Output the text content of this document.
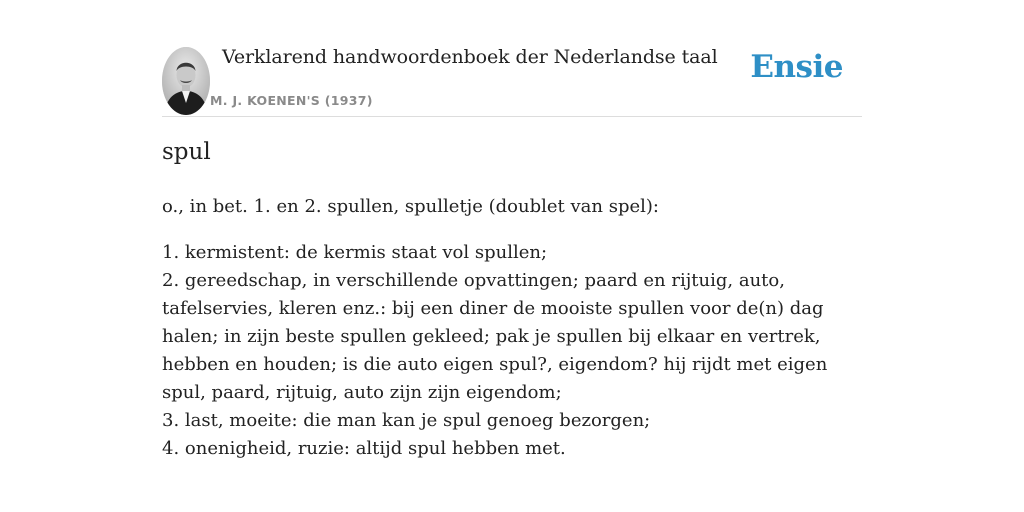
Verklarend handwoordenboek der Nederlandse taal
M. J. KOENEN'S (1937)
Ensie
spul
o., in bet. 1. en 2. spullen, spulletje (doublet van spel):

1. kermistent: de kermis staat vol spullen;

2. gereedschap, in verschillende opvattingen; paard en rijtuig, auto, tafelservies, kleren enz.: bij een diner de mooiste spullen voor de(n) dag halen; in zijn beste spullen gekleed; pak je spullen bij elkaar en vertrek, hebben en houden; is die auto eigen spul?, eigendom? hij rijdt met eigen spul, paard, rijtuig, auto zijn zijn eigendom;

3. last, moeite: die man kan je spul genoeg bezorgen;

4. onenigheid, ruzie: altijd spul hebben met.
